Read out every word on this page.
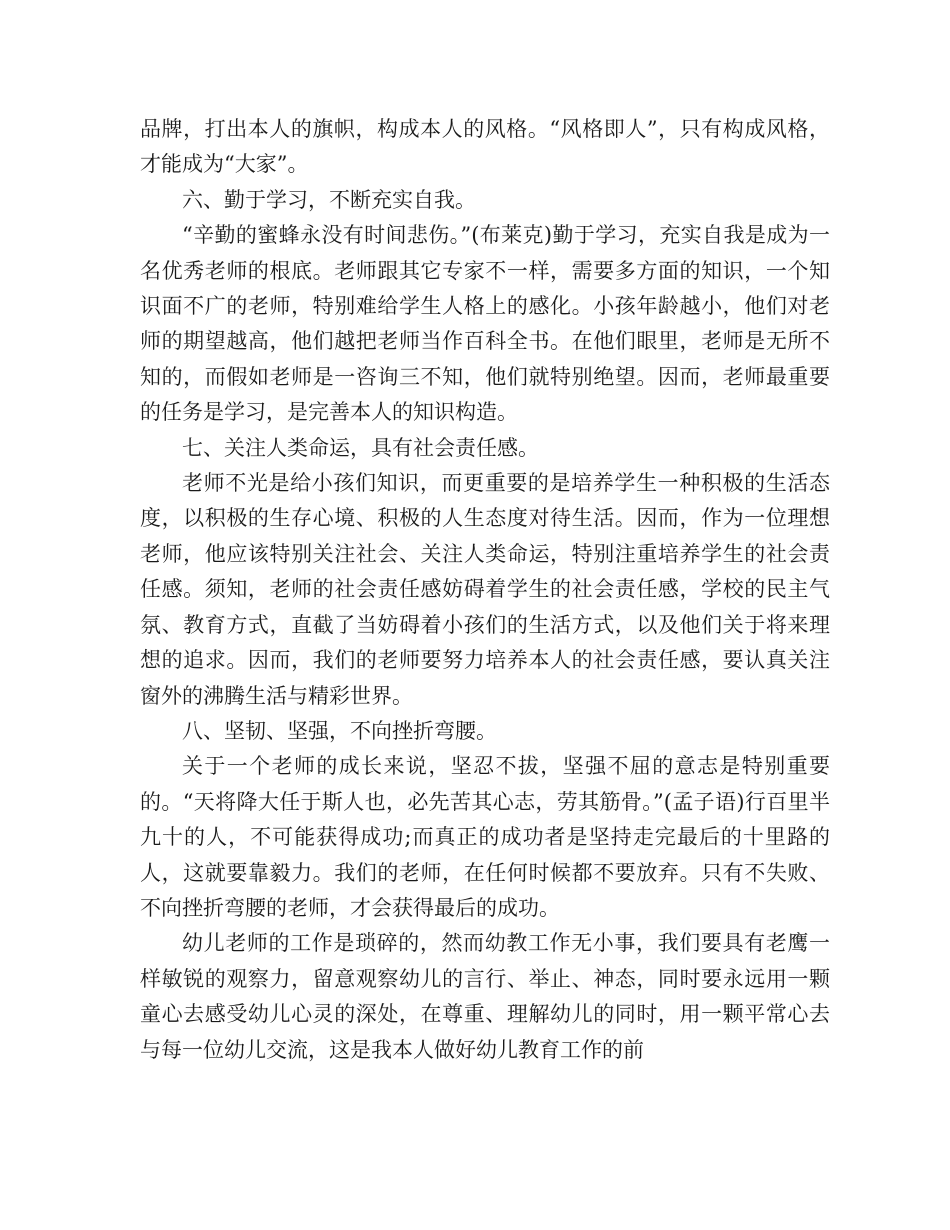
品牌，打出本人的旗帜，构成本人的风格。“风格即人”，只有构成风格，才能成为“大家”。

六、勤于学习，不断充实自我。

“辛勤的蜜蜂永没有时间悲伤。”(布莱克)勤于学习，充实自我是成为一名优秀老师的根底。老师跟其它专家不一样，需要多方面的知识，一个知识面不广的老师，特别难给学生人格上的感化。小孩年龄越小，他们对老师的期望越高，他们越把老师当作百科全书。在他们眼里，老师是无所不知的，而假如老师是一咨询三不知，他们就特别绝望。因而，老师最重要的任务是学习，是完善本人的知识构造。

七、关注人类命运，具有社会责任感。

老师不光是给小孩们知识，而更重要的是培养学生一种积极的生活态度，以积极的生存心境、积极的人生态度对待生活。因而，作为一位理想老师，他应该特别关注社会、关注人类命运，特别注重培养学生的社会责任感。须知，老师的社会责任感妨碍着学生的社会责任感，学校的民主气氛、教育方式，直截了当妨碍着小孩们的生活方式，以及他们关于将来理想的追求。因而，我们的老师要努力培养本人的社会责任感，要认真关注窗外的沸腾生活与精彩世界。

八、坚韧、坚强，不向挫折弯腰。

关于一个老师的成长来说，坚忍不拔，坚强不屈的意志是特别重要的。“天将降大任于斯人也，必先苦其心志，劳其筋骨。”(孟子语)行百里半九十的人，不可能获得成功;而真正的成功者是坚持走完最后的十里路的人，这就要靠毅力。我们的老师，在任何时候都不要放弃。只有不失败、不向挫折弯腰的老师，才会获得最后的成功。

幼儿老师的工作是琐碎的，然而幼教工作无小事，我们要具有老鹰一样敏锐的观察力，留意观察幼儿的言行、举止、神态，同时要永远用一颗童心去感受幼儿心灵的深处，在尊重、理解幼儿的同时，用一颗平常心去与每一位幼儿交流，这是我本人做好幼儿教育工作的前
